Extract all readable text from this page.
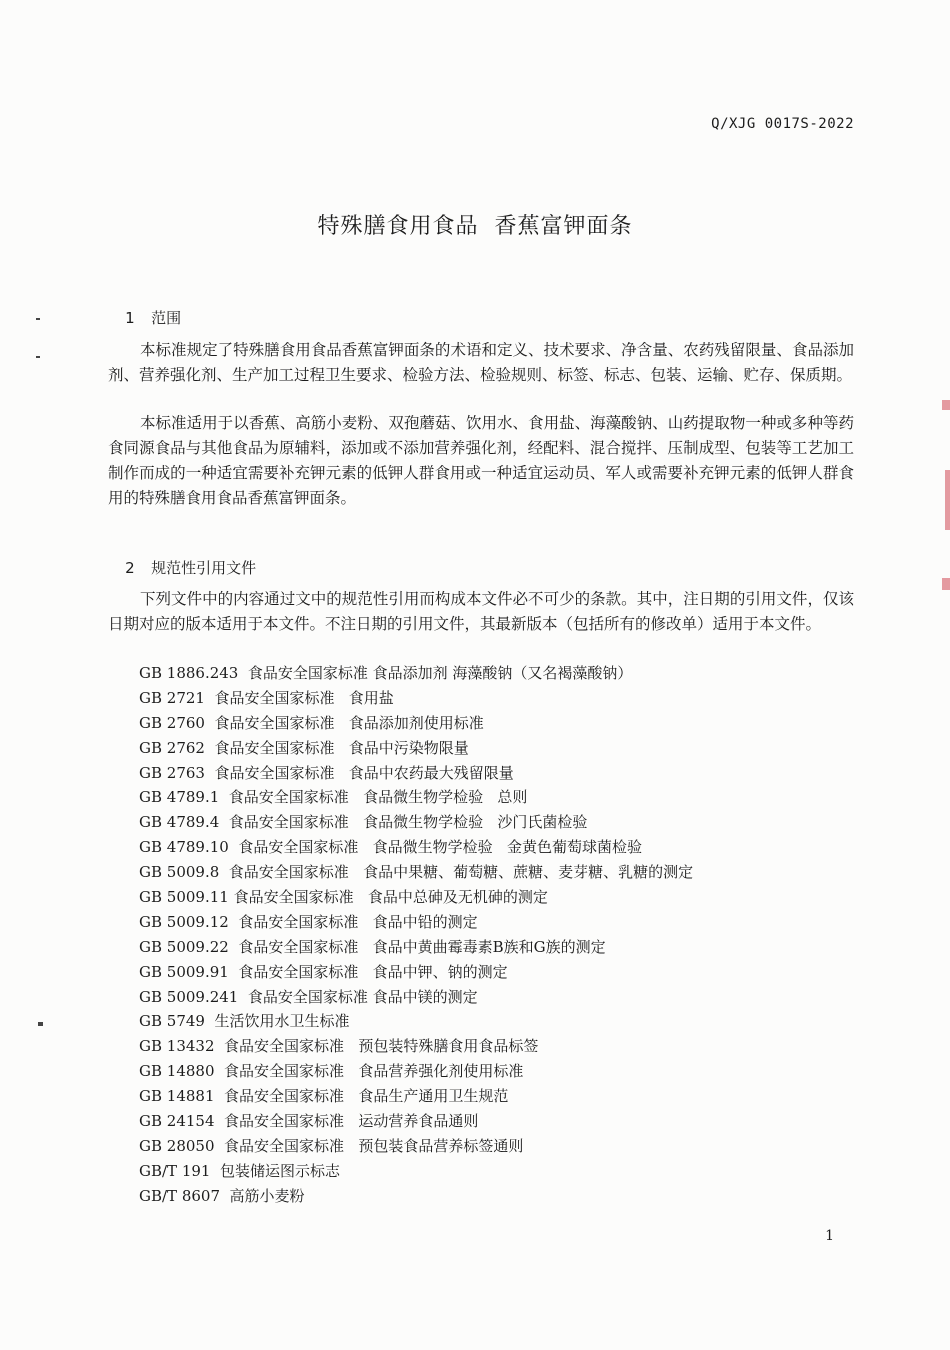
Q/XJG 0017S-2022
特殊膳食用食品  香蕉富钾面条

1 范围

本标准规定了特殊膳食用食品香蕉富钾面条的术语和定义、技术要求、净含量、农药残留限量、食品添加剂、营养强化剂、生产加工过程卫生要求、检验方法、检验规则、标签、标志、包装、运输、贮存、保质期。

本标准适用于以香蕉、高筋小麦粉、双孢蘑菇、饮用水、食用盐、海藻酸钠、山药提取物一种或多种等药食同源食品与其他食品为原辅料，添加或不添加营养强化剂，经配料、混合搅拌、压制成型、包装等工艺加工制作而成的一种适宜需要补充钾元素的低钾人群食用或一种适宜运动员、军人或需要补充钾元素的低钾人群食用的特殊膳食用食品香蕉富钾面条。

2 规范性引用文件

下列文件中的内容通过文中的规范性引用而构成本文件必不可少的条款。其中，注日期的引用文件，仅该日期对应的版本适用于本文件。不注日期的引用文件，其最新版本（包括所有的修改单）适用于本文件。

GB 1886.243  食品安全国家标准 食品添加剂 海藻酸钠（又名褐藻酸钠）
GB 2721  食品安全国家标准   食用盐
GB 2760  食品安全国家标准   食品添加剂使用标准
GB 2762  食品安全国家标准   食品中污染物限量
GB 2763  食品安全国家标准   食品中农药最大残留限量
GB 4789.1  食品安全国家标准   食品微生物学检验   总则
GB 4789.4  食品安全国家标准   食品微生物学检验   沙门氏菌检验
GB 4789.10  食品安全国家标准   食品微生物学检验   金黄色葡萄球菌检验
GB 5009.8  食品安全国家标准   食品中果糖、葡萄糖、蔗糖、麦芽糖、乳糖的测定
GB 5009.11 食品安全国家标准   食品中总砷及无机砷的测定
GB 5009.12  食品安全国家标准   食品中铅的测定
GB 5009.22  食品安全国家标准   食品中黄曲霉毒素B族和G族的测定
GB 5009.91  食品安全国家标准   食品中钾、钠的测定
GB 5009.241  食品安全国家标准 食品中镁的测定
GB 5749  生活饮用水卫生标准
GB 13432  食品安全国家标准   预包装特殊膳食用食品标签
GB 14880  食品安全国家标准   食品营养强化剂使用标准
GB 14881  食品安全国家标准   食品生产通用卫生规范
GB 24154  食品安全国家标准   运动营养食品通则
GB 28050  食品安全国家标准   预包装食品营养标签通则
GB/T 191  包装储运图示标志
GB/T 8607  高筋小麦粉
1
